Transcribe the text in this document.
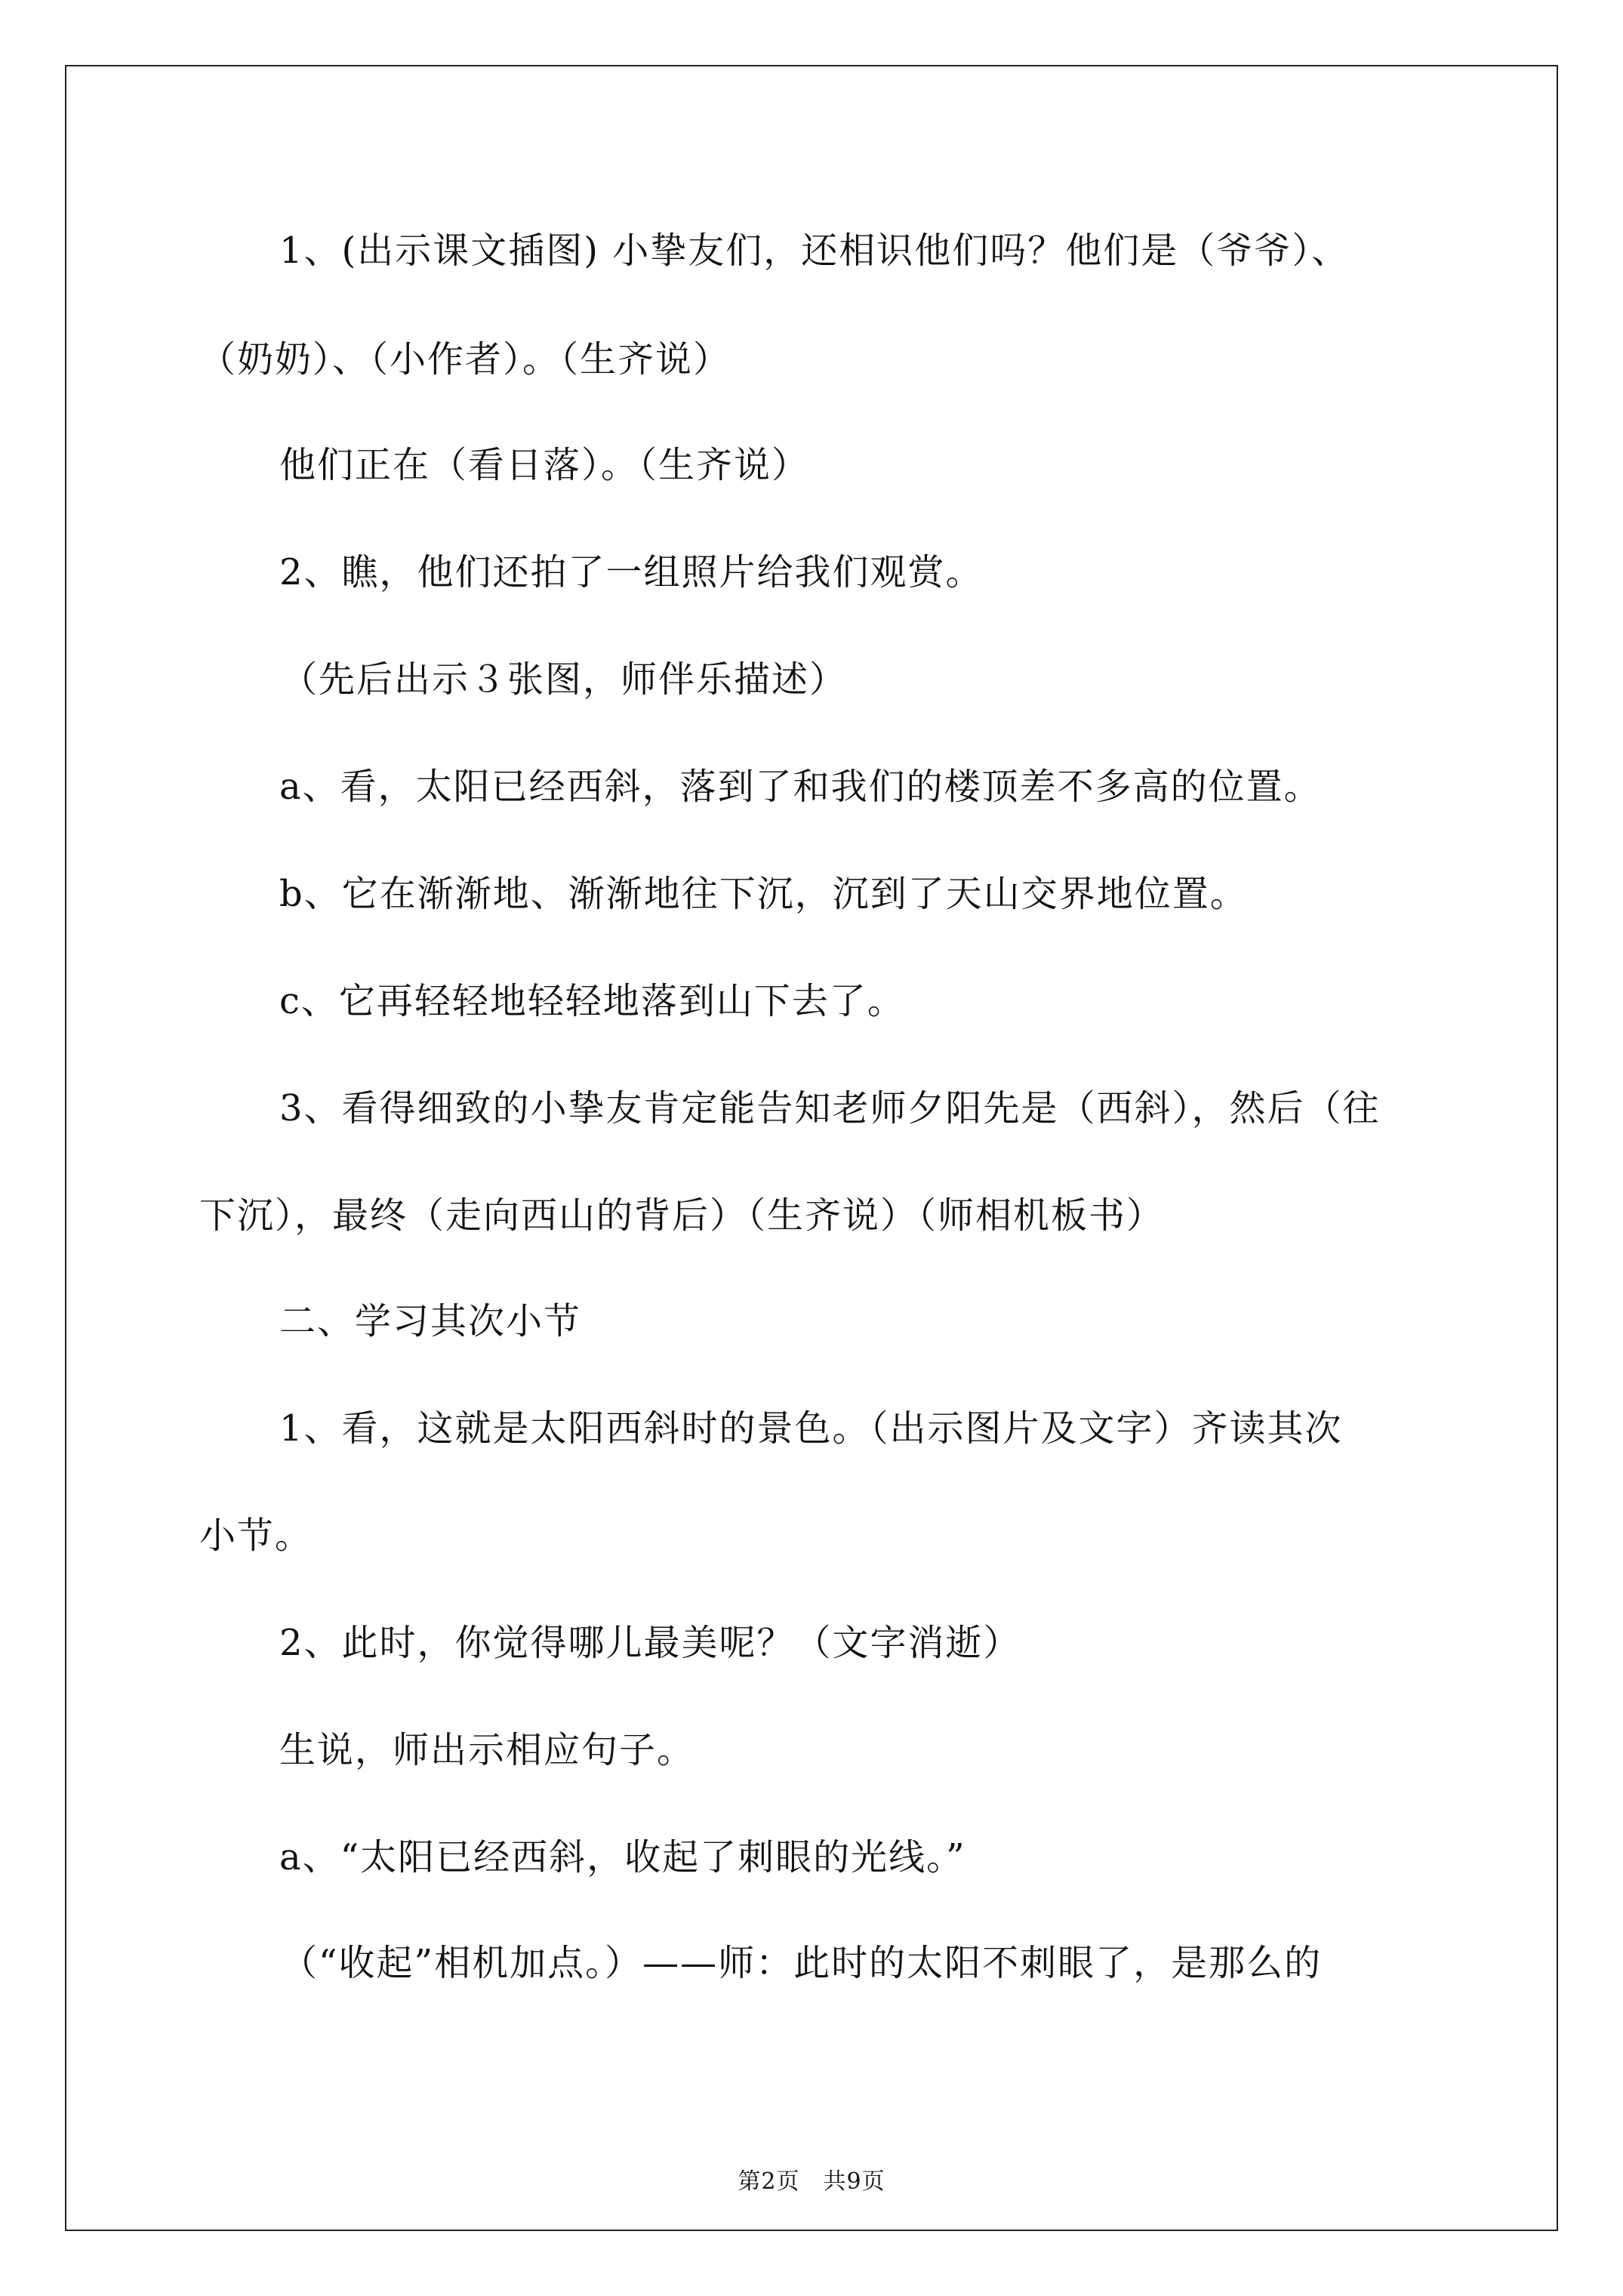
1、(出示课文插图) 小挚友们，还相识他们吗？他们是（爷爷）、
（奶奶）、（小作者）。（生齐说）
他们正在（看日落）。（生齐说）
2、瞧，他们还拍了一组照片给我们观赏。
（先后出示３张图，师伴乐描述）
a、看，太阳已经西斜，落到了和我们的楼顶差不多高的位置。
b、它在渐渐地、渐渐地往下沉，沉到了天山交界地位置。
c、它再轻轻地轻轻地落到山下去了。
3、看得细致的小挚友肯定能告知老师夕阳先是（西斜），然后（往
下沉），最终（走向西山的背后）（生齐说）（师相机板书）
二、学习其次小节
1、看，这就是太阳西斜时的景色。（出示图片及文字）齐读其次
小节。
2、此时，你觉得哪儿最美呢？（文字消逝）
生说，师出示相应句子。
a、“太阳已经西斜，收起了刺眼的光线。”
（“收起”相机加点。）——师：此时的太阳不刺眼了，是那么的
第2页　共9页
